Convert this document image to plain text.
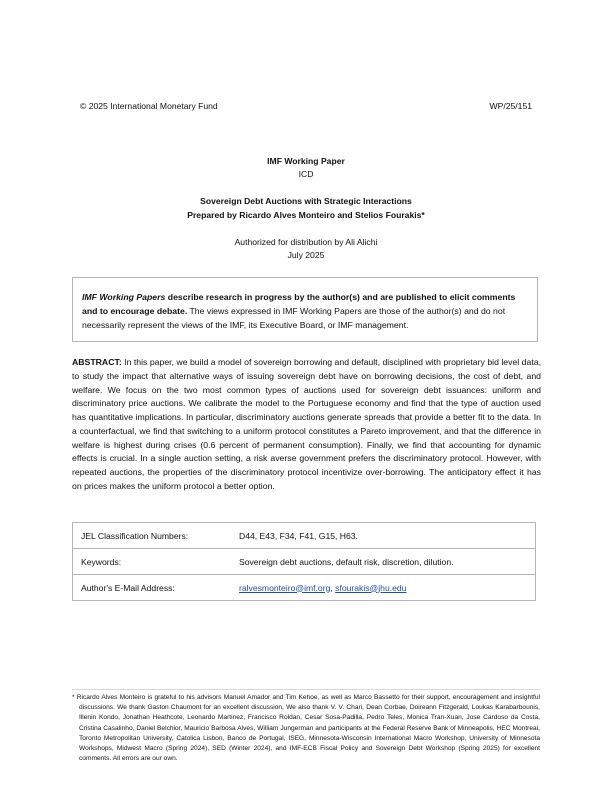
© 2025 International Monetary Fund	WP/25/151
IMF Working Paper
ICD
Sovereign Debt Auctions with Strategic Interactions
Prepared by Ricardo Alves Monteiro and Stelios Fourakis*
Authorized for distribution by Ali Alichi
July 2025
IMF Working Papers describe research in progress by the author(s) and are published to elicit comments and to encourage debate. The views expressed in IMF Working Papers are those of the author(s) and do not necessarily represent the views of the IMF, its Executive Board, or IMF management.
ABSTRACT: In this paper, we build a model of sovereign borrowing and default, disciplined with proprietary bid level data, to study the impact that alternative ways of issuing sovereign debt have on borrowing decisions, the cost of debt, and welfare. We focus on the two most common types of auctions used for sovereign debt issuances: uniform and discriminatory price auctions. We calibrate the model to the Portuguese economy and find that the type of auction used has quantitative implications. In particular, discriminatory auctions generate spreads that provide a better fit to the data. In a counterfactual, we find that switching to a uniform protocol constitutes a Pareto improvement, and that the difference in welfare is highest during crises (0.6 percent of permanent consumption). Finally, we find that accounting for dynamic effects is crucial. In a single auction setting, a risk averse government prefers the discriminatory protocol. However, with repeated auctions, the properties of the discriminatory protocol incentivize over-borrowing. The anticipatory effect it has on prices makes the uniform protocol a better option.
JEL Classification Numbers:	D44, E43, F34, F41, G15, H63.
Keywords:	Sovereign debt auctions, default risk, discretion, dilution.
Author's E-Mail Address:	ralvesmonteiro@imf.org, sfourakis@jhu.edu
* Ricardo Alves Monteiro is grateful to his advisors Manuel Amador and Tim Kehoe, as well as Marco Bassetto for their support, encouragement and insightful discussions. We thank Gaston Chaumont for an excellent discussion, We also thank V. V. Chari, Dean Corbae, Doireann Fitzgerald, Loukas Karabarbounis, Illenin Kondo, Jonathan Heathcote, Leonardo Martinez, Francisco Roldan, Cesar Sosa-Padilla, Pedro Teles, Monica Tran-Xuan, Jose Cardoso da Costa, Cristina Casalinho, Daniel Belchior, Mauricio Barbosa Alves, William Jungerman and participants at the Federal Reserve Bank of Minneapolis, HEC Montreal, Toronto Metropolitan University, Catolica Lisbon, Banco de Portugal, ISEG, Minnesota-Wisconsin International Macro Workshop, University of Minnesota Workshops, Midwest Macro (Spring 2024), SED (Winter 2024), and IMF-ECB Fiscal Policy and Sovereign Debt Workshop (Spring 2025) for excellent comments. All errors are our own.
